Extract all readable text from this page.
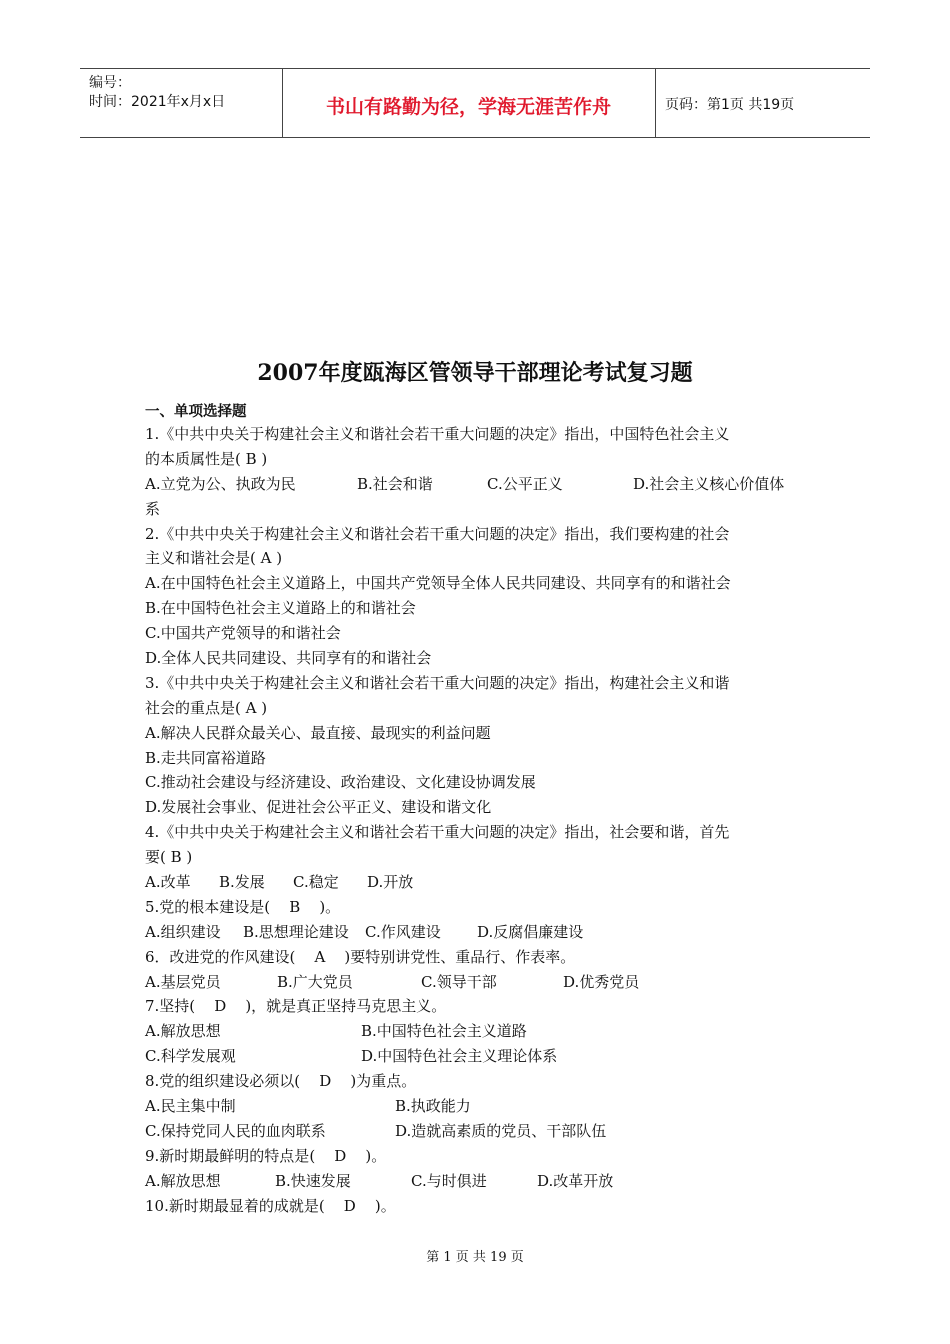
编号：
时间：2021年x月x日	书山有路勤为径，学海无涯苦作舟	页码：第1页 共19页
2007年度瓯海区管领导干部理论考试复习题
一、单项选择题
1.《中共中央关于构建社会主义和谐社会若干重大问题的决定》指出，中国特色社会主义
的本质属性是( B )
A.立党为公、执政为民	B.社会和谐	C.公平正义	D.社会主义核心价值体
系
2.《中共中央关于构建社会主义和谐社会若干重大问题的决定》指出，我们要构建的社会
主义和谐社会是( A )
A.在中国特色社会主义道路上，中国共产党领导全体人民共同建设、共同享有的和谐社会
B.在中国特色社会主义道路上的和谐社会
C.中国共产党领导的和谐社会
D.全体人民共同建设、共同享有的和谐社会
3.《中共中央关于构建社会主义和谐社会若干重大问题的决定》指出，构建社会主义和谐
社会的重点是( A )
A.解决人民群众最关心、最直接、最现实的利益问题
B.走共同富裕道路
C.推动社会建设与经济建设、政治建设、文化建设协调发展
D.发展社会事业、促进社会公平正义、建设和谐文化
4.《中共中央关于构建社会主义和谐社会若干重大问题的决定》指出，社会要和谐，首先
要( B )
A.改革 B.发展 C.稳定 D.开放
5.党的根本建设是(    B    )。
A.组织建设 B.思想理论建设 C.作风建设 D.反腐倡廉建设
6．改进党的作风建设(    A    )要特别讲党性、重品行、作表率。
A.基层党员	B.广大党员	C.领导干部	D.优秀党员
7.坚持(    D    )，就是真正坚持马克思主义。
A.解放思想	B.中国特色社会主义道路
C.科学发展观	D.中国特色社会主义理论体系
8.党的组织建设必须以(    D    )为重点。
A.民主集中制	B.执政能力
C.保持党同人民的血肉联系	D.造就高素质的党员、干部队伍
9.新时期最鲜明的特点是(    D    )。
A.解放思想	B.快速发展	C.与时俱进	D.改革开放
10.新时期最显着的成就是(    D    )。
第 1 页 共 19 页
